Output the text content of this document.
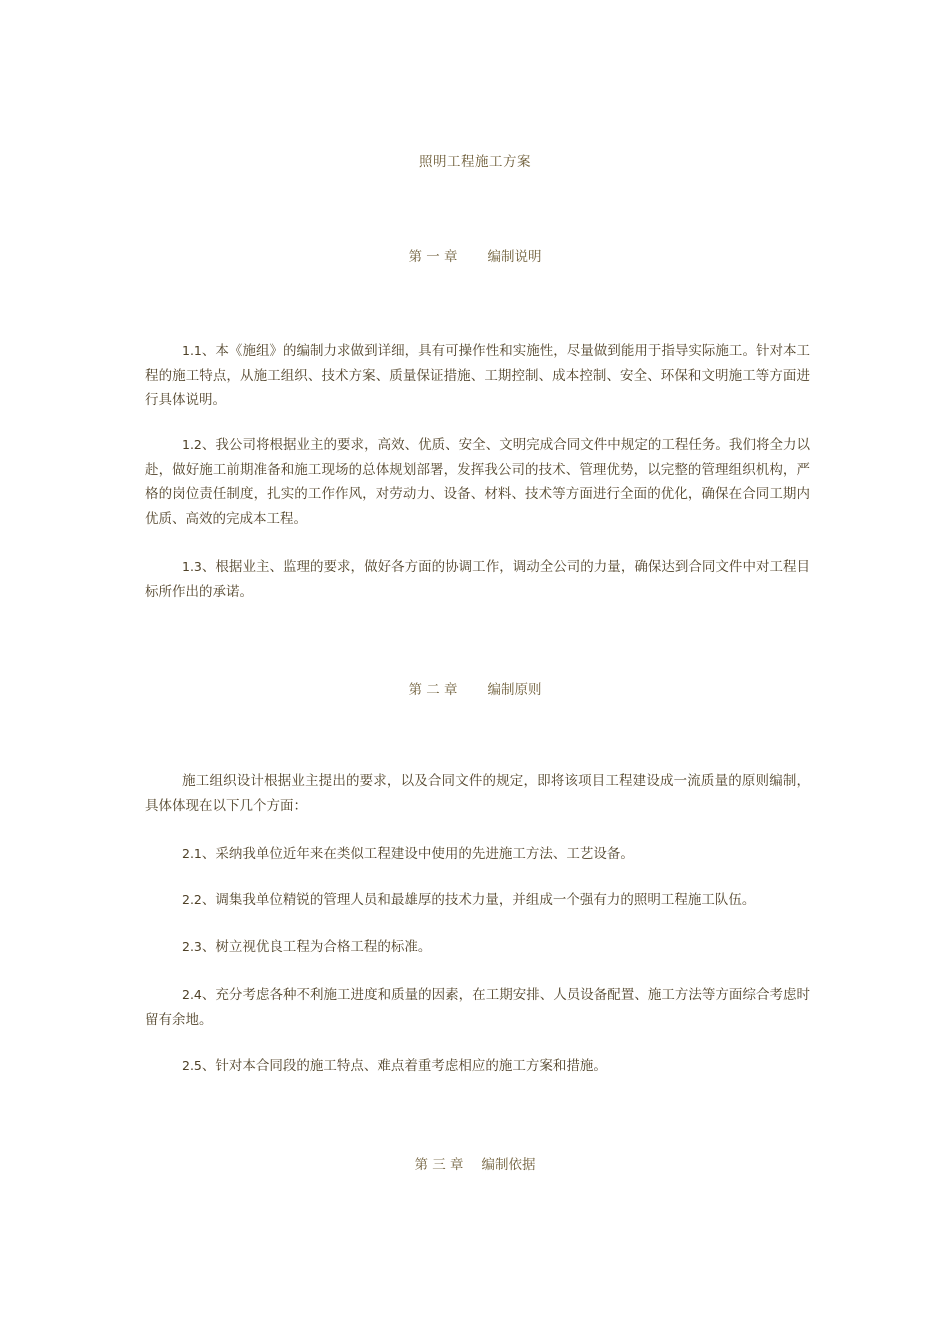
照明工程施工方案
第 一 章 编制说明
1.1、本《施组》的编制力求做到详细，具有可操作性和实施性，尽量做到能用于指导实际施工。针对本工程的施工特点，从施工组织、技术方案、质量保证措施、工期控制、成本控制、安全、环保和文明施工等方面进行具体说明。
1.2、我公司将根据业主的要求，高效、优质、安全、文明完成合同文件中规定的工程任务。我们将全力以赴，做好施工前期准备和施工现场的总体规划部署，发挥我公司的技术、管理优势，以完整的管理组织机构，严格的岗位责任制度，扎实的工作作风，对劳动力、设备、材料、技术等方面进行全面的优化，确保在合同工期内优质、高效的完成本工程。
1.3、根据业主、监理的要求，做好各方面的协调工作，调动全公司的力量，确保达到合同文件中对工程目标所作出的承诺。
第 二 章 编制原则
施工组织设计根据业主提出的要求，以及合同文件的规定，即将该项目工程建设成一流质量的原则编制，具体体现在以下几个方面：
2.1、采纳我单位近年来在类似工程建设中使用的先进施工方法、工艺设备。
2.2、调集我单位精锐的管理人员和最雄厚的技术力量，并组成一个强有力的照明工程施工队伍。
2.3、树立视优良工程为合格工程的标准。
2.4、充分考虑各种不利施工进度和质量的因素，在工期安排、人员设备配置、施工方法等方面综合考虑时留有余地。
2.5、针对本合同段的施工特点、难点着重考虑相应的施工方案和措施。
第 三 章 编制依据
